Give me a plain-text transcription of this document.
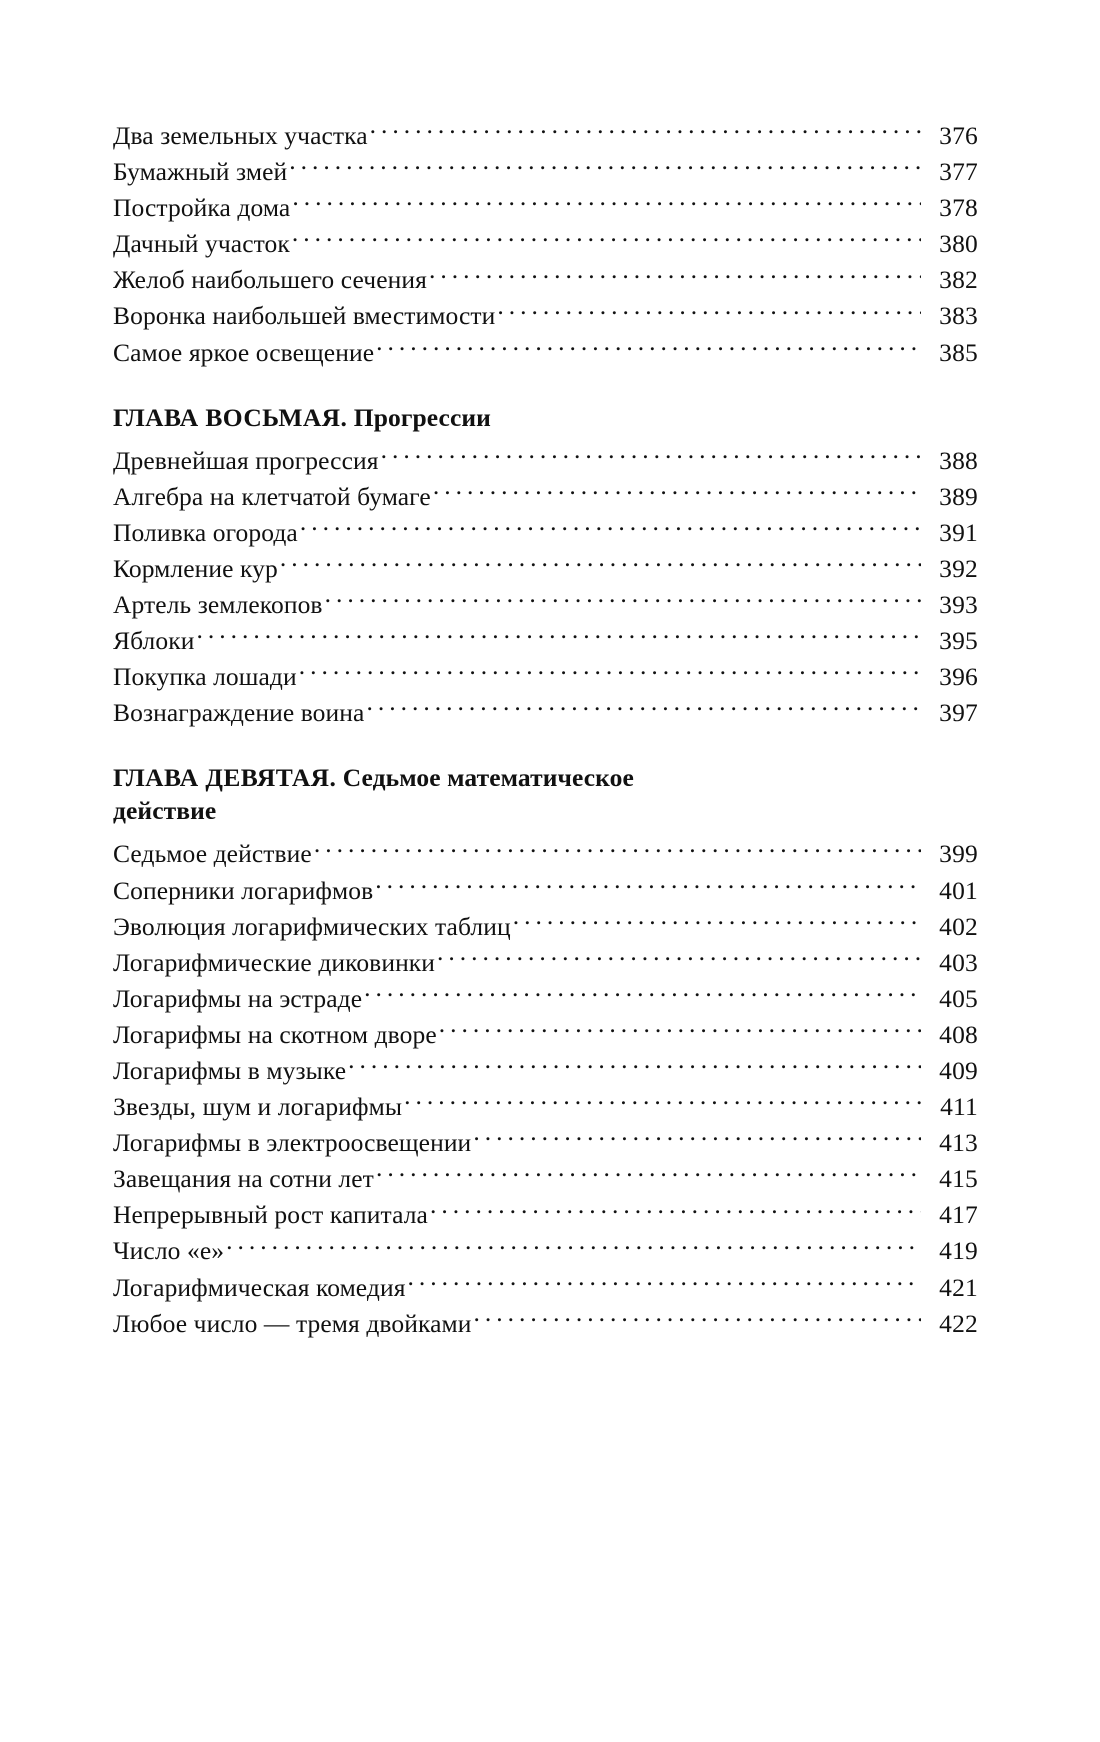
Два земельных участка .....	376
Бумажный змей .....	377
Постройка дома .....	378
Дачный участок .....	380
Желоб наибольшего сечения .....	382
Воронка наибольшей вместимости .....	383
Самое яркое освещение .....	385
ГЛАВА ВОСЬМАЯ. Прогрессии
Древнейшая прогрессия .....	388
Алгебра на клетчатой бумаге .....	389
Поливка огорода .....	391
Кормление кур .....	392
Артель землекопов .....	393
Яблоки .....	395
Покупка лошади .....	396
Вознаграждение воина .....	397
ГЛАВА ДЕВЯТАЯ. Седьмое математическое действие
Седьмое действие .....	399
Соперники логарифмов .....	401
Эволюция логарифмических таблиц .....	402
Логарифмические диковинки .....	403
Логарифмы на эстраде .....	405
Логарифмы на скотном дворе .....	408
Логарифмы в музыке .....	409
Звезды, шум и логарифмы .....	411
Логарифмы в электроосвещении .....	413
Завещания на сотни лет .....	415
Непрерывный рост капитала .....	417
Число «е» .....	419
Логарифмическая комедия .....	421
Любое число — тремя двойками .....	422
